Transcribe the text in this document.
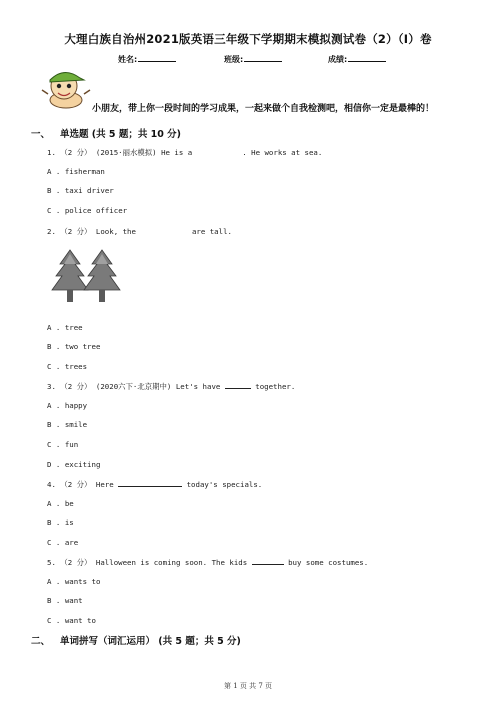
大理白族自治州2021版英语三年级下学期期末模拟测试卷（2）（I）卷
姓名:	班级:	成绩:
小朋友，带上你一段时间的学习成果，一起来做个自我检测吧，相信你一定是最棒的！
一、 单选题 (共 5 题；共 10 分)
1. （2 分） (2015·丽水模拟) He is a	. He works at sea.
A . fisherman
B . taxi driver
C . police officer
2. （2 分） Look, the	are tall.
A . tree
B . two tree
C . trees
3. （2 分） (2020六下·北京期中) Let's have	together.
A . happy
B . smile
C . fun
D . exciting
4. （2 分） Here	today's specials.
A . be
B . is
C . are
5. （2 分） Halloween is coming soon. The kids	buy some costumes.
A . wants to
B . want
C . want to
二、 单词拼写（词汇运用） (共 5 题；共 5 分)
第 1 页 共 7 页
